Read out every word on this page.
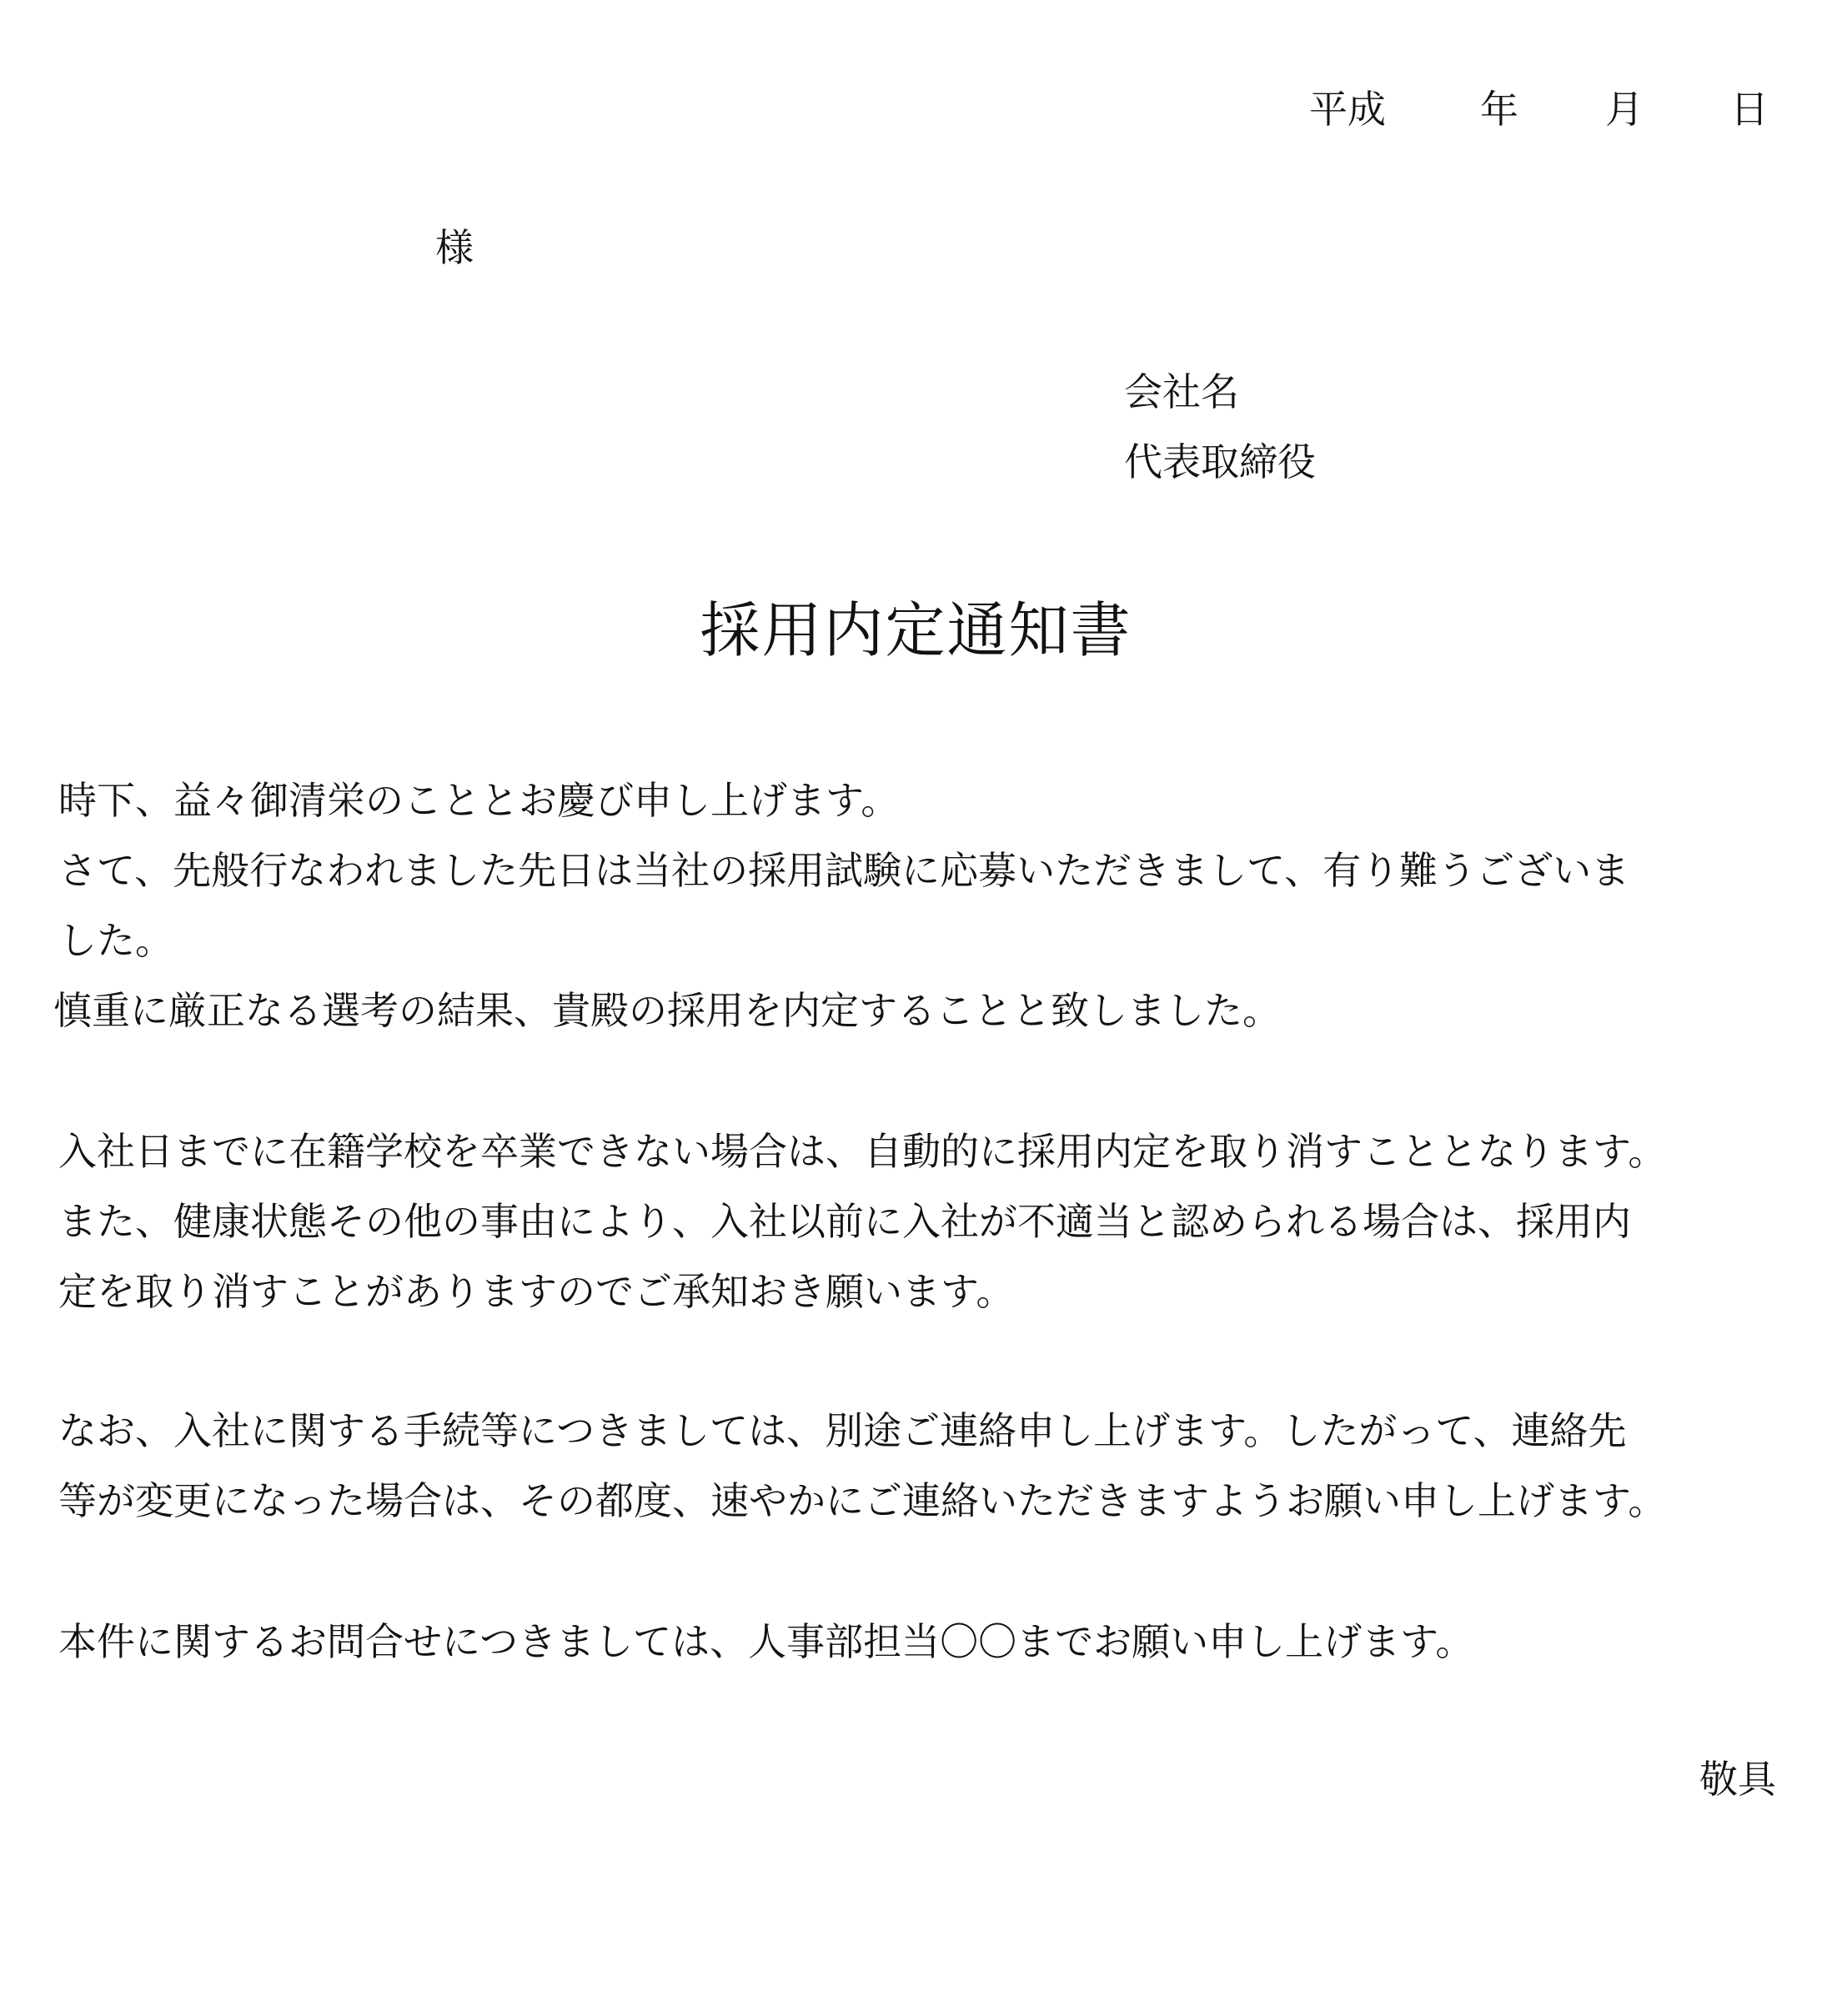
平成 年 月 日
様
会社名
代表取締役
採用内定通知書
時下、益々御清栄のこととお慶び申し上げます。
さて、先般行なわれました先日は当社の採用試験に応募いただきまして、有り難うございま
した。
慎重に厳正なる選考の結果、貴殿の採用を内定することと致しました。
入社日までに在籍学校を卒業できない場合は、自動的に採用内定を取り消すこととなります。
また、健康状態その他の事由により、入社以前に入社が不適当と認められる場合は、採用内
定を取り消すことがありますのでご承知おき願います。
なお、入社に関する手続等につきましては、別途ご連絡申し上げます。したがって、連絡先
等が変更になった場合は、その都度、速やかにご連絡いただきますようお願い申し上げます。
本件に関するお問合せにつきましては、人事部担当〇〇までお願い申し上げます。
敬具
